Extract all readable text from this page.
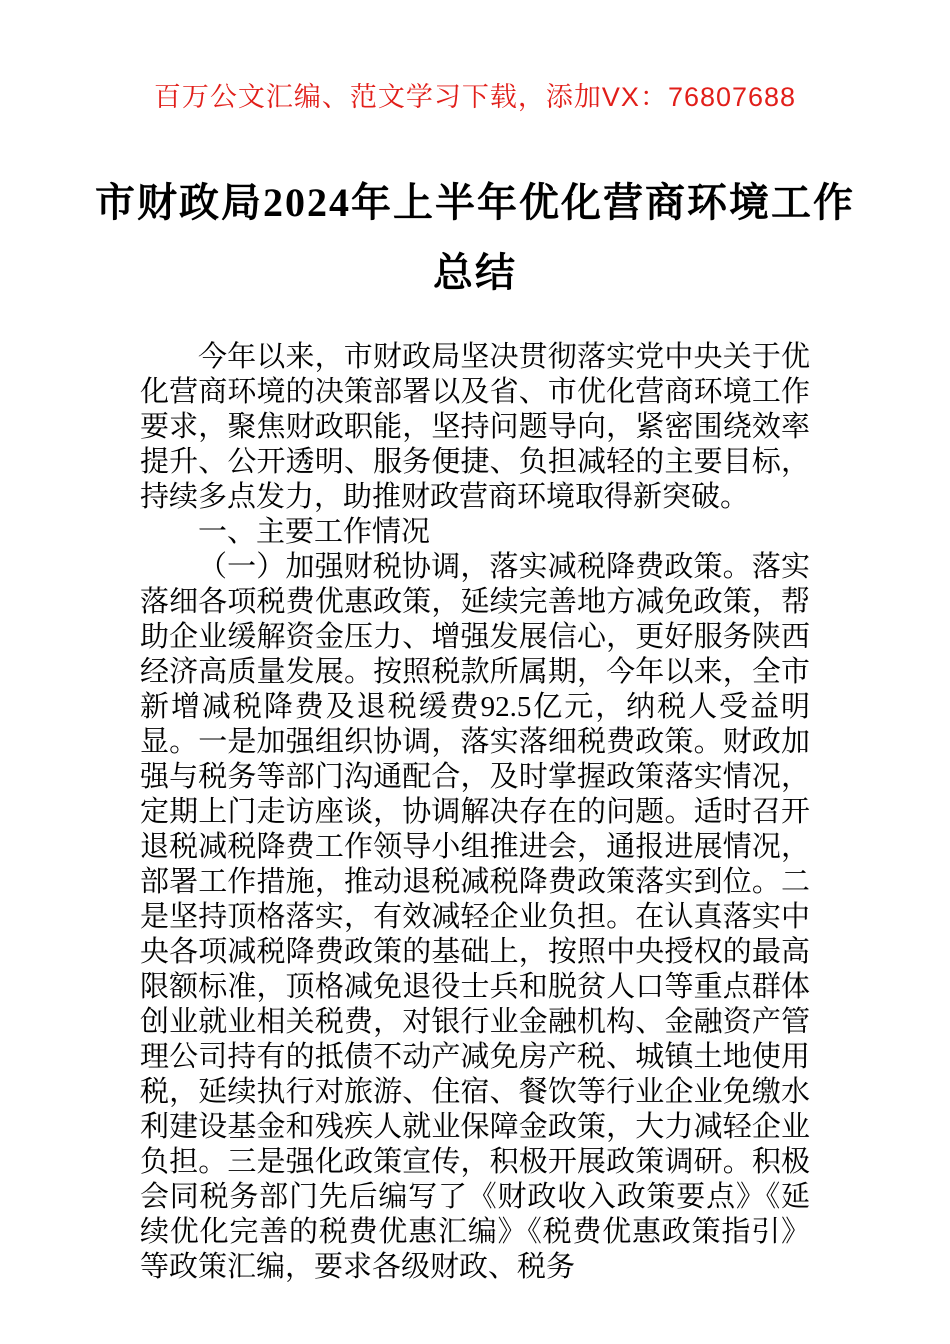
百万公文汇编、范文学习下载，添加VX：76807688
市财政局2024年上半年优化营商环境工作
总结

今年以来，市财政局坚决贯彻落实党中央关于优化营商环境的决策部署以及省、市优化营商环境工作要求，聚焦财政职能，坚持问题导向，紧密围绕效率提升、公开透明、服务便捷、负担减轻的主要目标，持续多点发力，助推财政营商环境取得新突破。

一、主要工作情况

（一）加强财税协调，落实减税降费政策。落实落细各项税费优惠政策，延续完善地方减免政策，帮助企业缓解资金压力、增强发展信心，更好服务陕西经济高质量发展。按照税款所属期，今年以来，全市新增减税降费及退税缓费92.5亿元，纳税人受益明显。一是加强组织协调，落实落细税费政策。财政加强与税务等部门沟通配合，及时掌握政策落实情况，定期上门走访座谈，协调解决存在的问题。适时召开退税减税降费工作领导小组推进会，通报进展情况，部署工作措施，推动退税减税降费政策落实到位。二是坚持顶格落实，有效减轻企业负担。在认真落实中央各项减税降费政策的基础上，按照中央授权的最高限额标准，顶格减免退役士兵和脱贫人口等重点群体创业就业相关税费，对银行业金融机构、金融资产管理公司持有的抵债不动产减免房产税、城镇土地使用税，延续执行对旅游、住宿、餐饮等行业企业免缴水利建设基金和残疾人就业保障金政策，大力减轻企业负担。三是强化政策宣传，积极开展政策调研。积极会同税务部门先后编写了《财政收入政策要点》《延续优化完善的税费优惠汇编》《税费优惠政策指引》等政策汇编，要求各级财政、税务
